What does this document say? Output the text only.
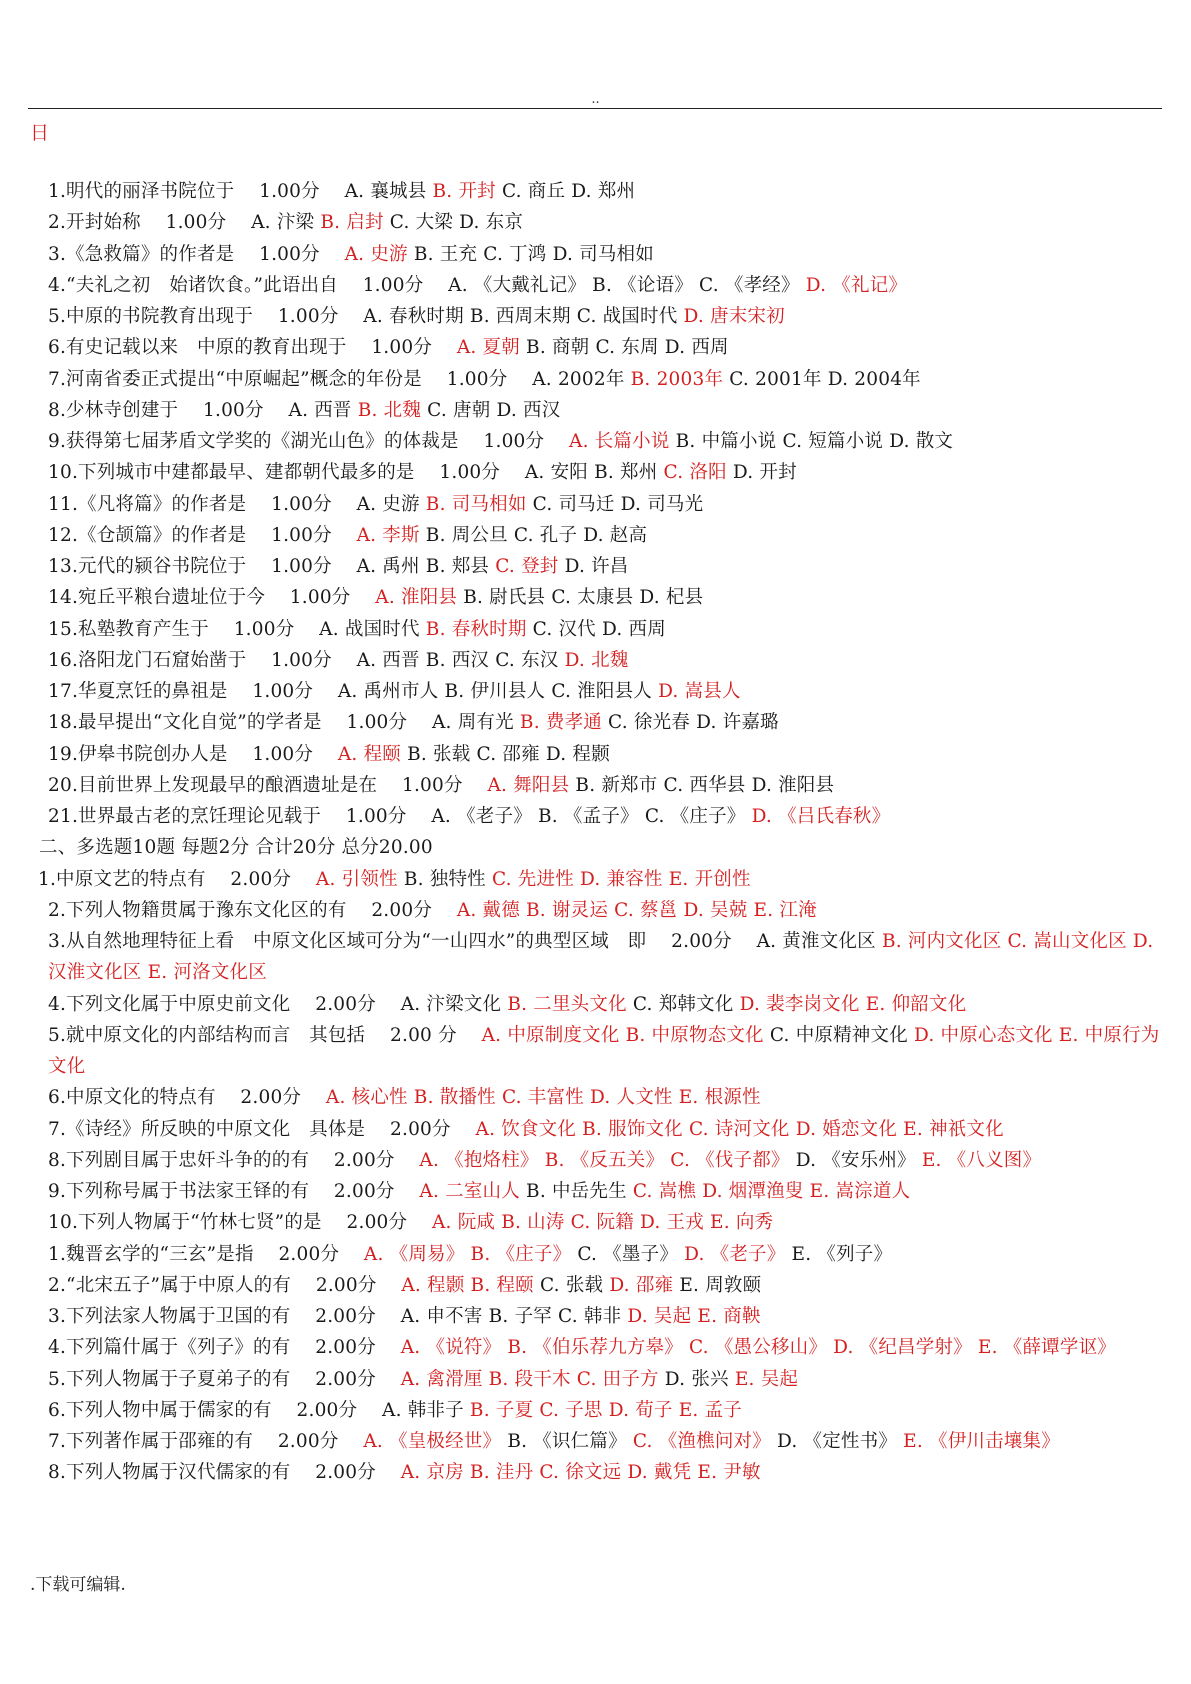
..
日
1.明代的丽泽书院位于　 1.00分 　A. 襄城县 B. 开封 C. 商丘 D. 郑州
2.开封始称 　1.00分 　A. 汴梁 B. 启封 C. 大梁 D. 东京
3.《急救篇》的作者是 　1.00分 　A. 史游 B. 王充 C. 丁鸿 D. 司马相如
4.“夫礼之初　始诸饮食。”此语出自　 1.00分 　A. 《大戴礼记》 B. 《论语》 C. 《孝经》 D. 《礼记》
5.中原的书院教育出现于 　1.00分 　A. 春秋时期 B. 西周末期 C. 战国时代 D. 唐末宋初
6.有史记载以来　中原的教育出现于 　1.00分 　A. 夏朝 B. 商朝 C. 东周 D. 西周
7.河南省委正式提出“中原崛起”概念的年份是 　1.00分 　A. 2002年 B. 2003年 C. 2001年 D. 2004年
8.少林寺创建于 　1.00分 　A. 西晋 B. 北魏 C. 唐朝 D. 西汉
9.获得第七届茅盾文学奖的《湖光山色》的体裁是 　1.00分 　A. 长篇小说 B. 中篇小说 C. 短篇小说 D. 散文
10.下列城市中建都最早、建都朝代最多的是 　1.00分 　A. 安阳 B. 郑州 C. 洛阳 D. 开封
11.《凡将篇》的作者是 　1.00分 　A. 史游 B. 司马相如 C. 司马迁 D. 司马光
12.《仓颉篇》的作者是 　1.00分 　A. 李斯 B. 周公旦 C. 孔子 D. 赵高
13.元代的颍谷书院位于 　1.00分 　A. 禹州 B. 郏县 C. 登封 D. 许昌
14.宛丘平粮台遗址位于今 　1.00分 　A. 淮阳县 B. 尉氏县 C. 太康县 D. 杞县
15.私塾教育产生于 　1.00分 　A. 战国时代 B. 春秋时期 C. 汉代 D. 西周
16.洛阳龙门石窟始凿于 　1.00分 　A. 西晋 B. 西汉 C. 东汉 D. 北魏
17.华夏烹饪的鼻祖是 　1.00分 　A. 禹州市人 B. 伊川县人 C. 淮阳县人 D. 嵩县人
18.最早提出“文化自觉”的学者是 　1.00分 　A. 周有光 B. 费孝通 C. 徐光春 D. 许嘉璐
19.伊皋书院创办人是 　1.00分 　A. 程颐 B. 张载 C. 邵雍 D. 程颢
20.目前世界上发现最早的酿酒遗址是在 　1.00分 　A. 舞阳县 B. 新郑市 C. 西华县 D. 淮阳县
21.世界最古老的烹饪理论见载于 　1.00分 　A. 《老子》 B. 《孟子》 C. 《庄子》 D. 《吕氏春秋》
二、多选题10题 每题2分 合计20分 总分20.00
1.中原文艺的特点有 　2.00分 　A. 引领性 B. 独特性 C. 先进性 D. 兼容性 E. 开创性
2.下列人物籍贯属于豫东文化区的有 　2.00分 　A. 戴德 B. 谢灵运 C. 蔡邕 D. 吴兢 E. 江淹
3.从自然地理特征上看　中原文化区域可分为“一山四水”的典型区域　即　 2.00分 　A. 黄淮文化区 B. 河内文化区 C. 嵩山文化区 D. 汉淮文化区 E. 河洛文化区
4.下列文化属于中原史前文化 　2.00分 　A. 汴梁文化 B. 二里头文化 C. 郑韩文化 D. 裴李岗文化 E. 仰韶文化
5.就中原文化的内部结构而言　其包括 　2.00 分 　A. 中原制度文化 B. 中原物态文化 C. 中原精神文化 D. 中原心态文化 E. 中原行为文化
6.中原文化的特点有 　2.00分 　A. 核心性 B. 散播性 C. 丰富性 D. 人文性 E. 根源性
7.《诗经》所反映的中原文化　具体是 　2.00分 　A. 饮食文化 B. 服饰文化 C. 诗河文化 D. 婚恋文化 E. 神祇文化
8.下列剧目属于忠奸斗争的的有 　2.00分 　A. 《抱烙柱》 B. 《反五关》 C. 《伐子都》 D. 《安乐州》 E. 《八义图》
9.下列称号属于书法家王铎的有 　2.00分 　A. 二室山人 B. 中岳先生 C. 嵩樵 D. 烟潭渔叟 E. 嵩淙道人
10.下列人物属于“竹林七贤”的是 　2.00分 　A. 阮咸 B. 山涛 C. 阮籍 D. 王戎 E. 向秀
1.魏晋玄学的“三玄”是指 　2.00分 　A. 《周易》 B. 《庄子》 C. 《墨子》 D. 《老子》 E. 《列子》
2.“北宋五子”属于中原人的有 　2.00分 　A. 程颢 B. 程颐 C. 张载 D. 邵雍 E. 周敦颐
3.下列法家人物属于卫国的有 　2.00分 　A. 申不害 B. 子罕 C. 韩非 D. 吴起 E. 商鞅
4.下列篇什属于《列子》的有 　2.00分 　A. 《说符》 B. 《伯乐荐九方皋》 C. 《愚公移山》 D. 《纪昌学射》 E. 《薛谭学讴》
5.下列人物属于子夏弟子的有 　2.00分 　A. 禽滑厘 B. 段干木 C. 田子方 D. 张兴 E. 吴起
6.下列人物中属于儒家的有 　2.00分 　A. 韩非子 B. 子夏 C. 子思 D. 荀子 E. 孟子
7.下列著作属于邵雍的有 　2.00分 　A. 《皇极经世》 B. 《识仁篇》 C. 《渔樵问对》 D. 《定性书》 E. 《伊川击壤集》
8.下列人物属于汉代儒家的有 　2.00分 　A. 京房 B. 洼丹 C. 徐文远 D. 戴凭 E. 尹敏
.下载可编辑.
